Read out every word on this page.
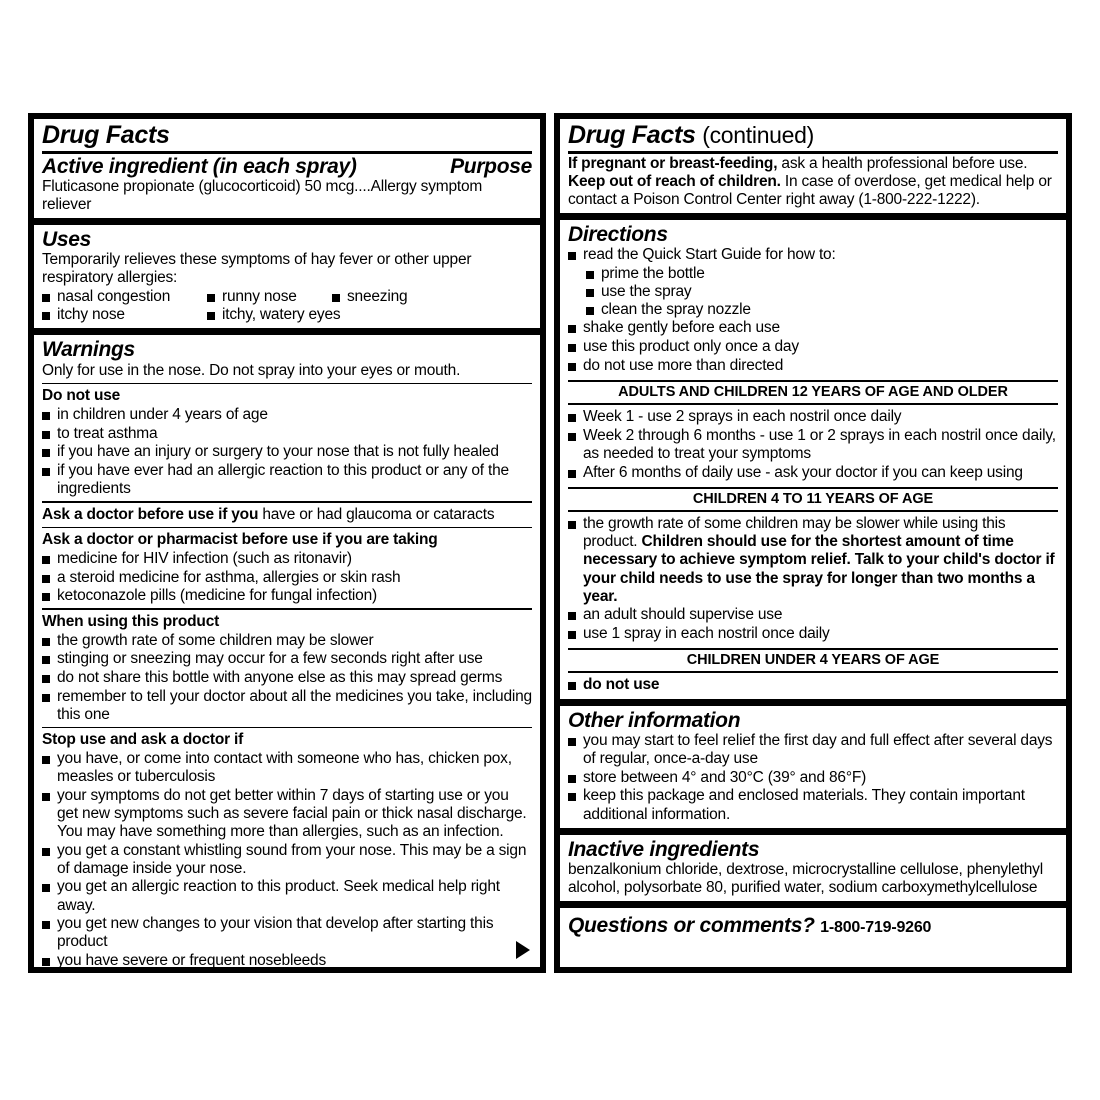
Drug Facts
Active ingredient (in each spray)	Purpose
Fluticasone propionate (glucocorticoid) 50 mcg....Allergy symptom reliever
Uses
Temporarily relieves these symptoms of hay fever or other upper respiratory allergies:
nasal congestion	runny nose	sneezing
itchy nose	itchy, watery eyes
Warnings
Only for use in the nose. Do not spray into your eyes or mouth.
Do not use
in children under 4 years of age
to treat asthma
if you have an injury or surgery to your nose that is not fully healed
if you have ever had an allergic reaction to this product or any of the ingredients
Ask a doctor before use if you have or had glaucoma or cataracts
Ask a doctor or pharmacist before use if you are taking
medicine for HIV infection (such as ritonavir)
a steroid medicine for asthma, allergies or skin rash
ketoconazole pills (medicine for fungal infection)
When using this product
the growth rate of some children may be slower
stinging or sneezing may occur for a few seconds right after use
do not share this bottle with anyone else as this may spread germs
remember to tell your doctor about all the medicines you take, including this one
Stop use and ask a doctor if
you have, or come into contact with someone who has, chicken pox, measles or tuberculosis
your symptoms do not get better within 7 days of starting use or you get new symptoms such as severe facial pain or thick nasal discharge. You may have something more than allergies, such as an infection.
you get a constant whistling sound from your nose. This may be a sign of damage inside your nose.
you get an allergic reaction to this product. Seek medical help right away.
you get new changes to your vision that develop after starting this product
you have severe or frequent nosebleeds
Drug Facts (continued)
If pregnant or breast-feeding, ask a health professional before use. Keep out of reach of children. In case of overdose, get medical help or contact a Poison Control Center right away (1-800-222-1222).
Directions
read the Quick Start Guide for how to:
prime the bottle
use the spray
clean the spray nozzle
shake gently before each use
use this product only once a day
do not use more than directed
ADULTS AND CHILDREN 12 YEARS OF AGE AND OLDER
Week 1 - use 2 sprays in each nostril once daily
Week 2 through 6 months - use 1 or 2 sprays in each nostril once daily, as needed to treat your symptoms
After 6 months of daily use - ask your doctor if you can keep using
CHILDREN 4 TO 11 YEARS OF AGE
the growth rate of some children may be slower while using this product. Children should use for the shortest amount of time necessary to achieve symptom relief. Talk to your child's doctor if your child needs to use the spray for longer than two months a year.
an adult should supervise use
use 1 spray in each nostril once daily
CHILDREN UNDER 4 YEARS OF AGE
do not use
Other information
you may start to feel relief the first day and full effect after several days of regular, once-a-day use
store between 4° and 30°C (39° and 86°F)
keep this package and enclosed materials. They contain important additional information.
Inactive ingredients
benzalkonium chloride, dextrose, microcrystalline cellulose, phenylethyl alcohol, polysorbate 80, purified water, sodium carboxymethylcellulose
Questions or comments? 1-800-719-9260
